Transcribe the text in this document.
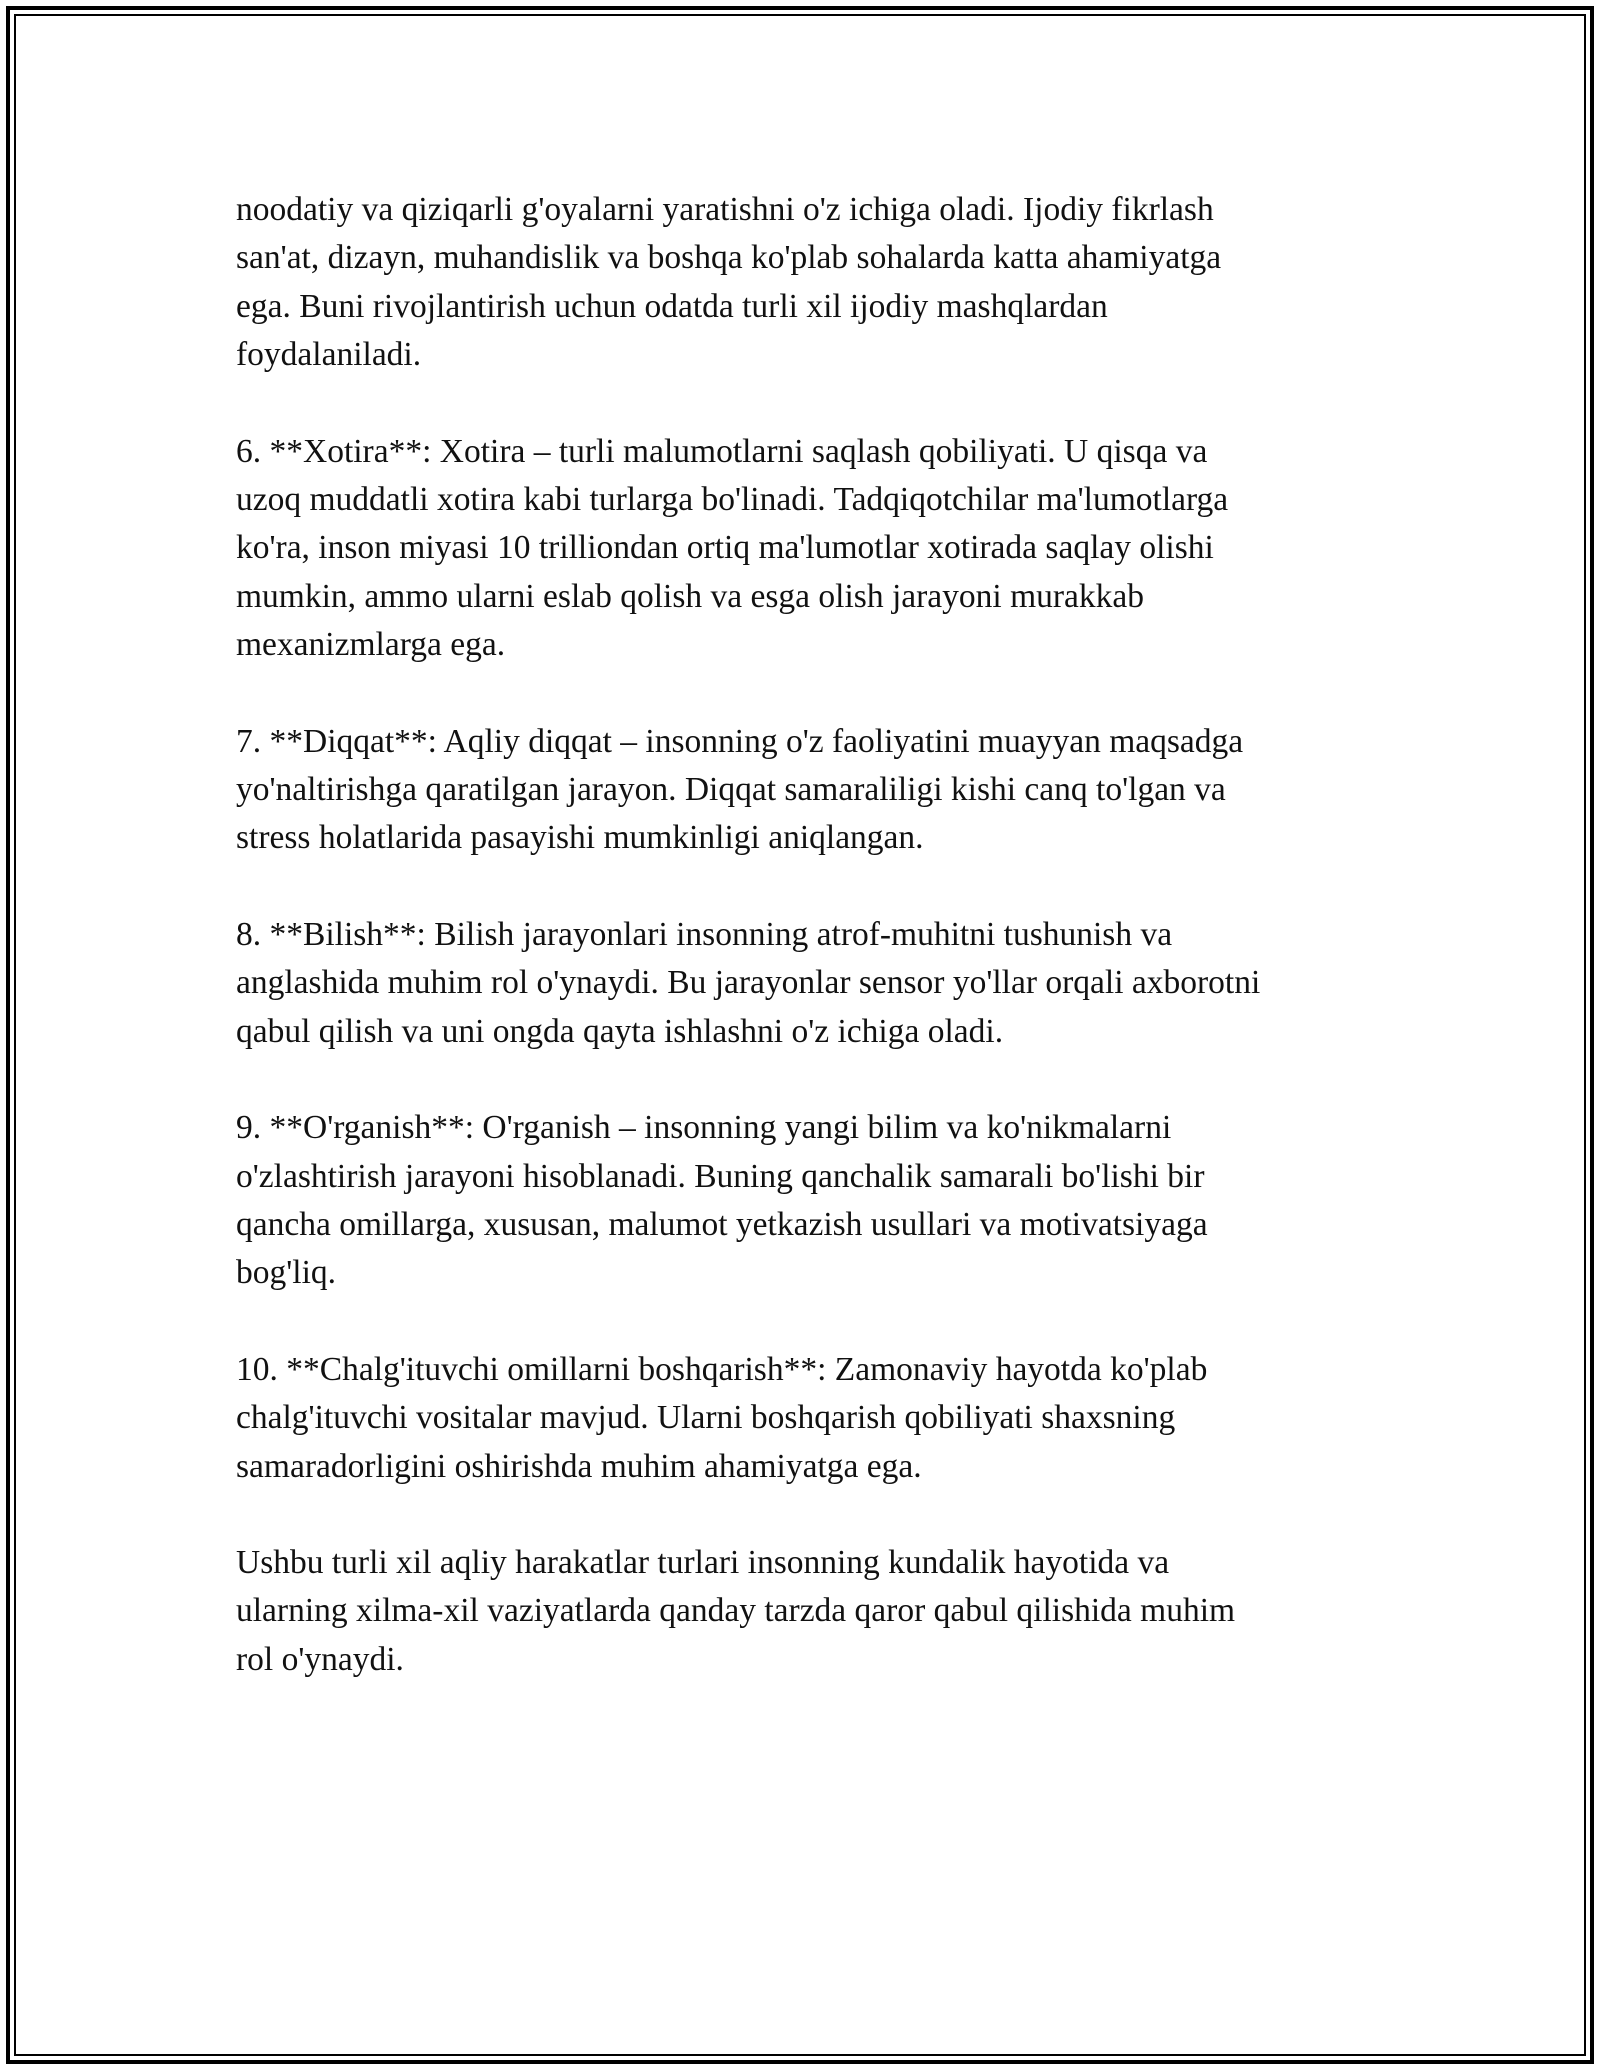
noodatiy va qiziqarli g'oyalarni yaratishni o'z ichiga oladi. Ijodiy fikrlash
san'at, dizayn, muhandislik va boshqa ko'plab sohalarda katta ahamiyatga
ega. Buni rivojlantirish uchun odatda turli xil ijodiy mashqlardan
foydalaniladi.

6. **Xotira**: Xotira – turli malumotlarni saqlash qobiliyati. U qisqa va
uzoq muddatli xotira kabi turlarga bo'linadi. Tadqiqotchilar ma'lumotlarga
ko'ra, inson miyasi 10 trilliondan ortiq ma'lumotlar xotirada saqlay olishi
mumkin, ammo ularni eslab qolish va esga olish jarayoni murakkab
mexanizmlarga ega.

7. **Diqqat**: Aqliy diqqat – insonning o'z faoliyatini muayyan maqsadga
yo'naltirishga qaratilgan jarayon. Diqqat samaraliligi kishi canq to'lgan va
stress holatlarida pasayishi mumkinligi aniqlangan.

8. **Bilish**: Bilish jarayonlari insonning atrof-muhitni tushunish va
anglashida muhim rol o'ynaydi. Bu jarayonlar sensor yo'llar orqali axborotni
qabul qilish va uni ongda qayta ishlashni o'z ichiga oladi.

9. **O'rganish**: O'rganish – insonning yangi bilim va ko'nikmalarni
o'zlashtirish jarayoni hisoblanadi. Buning qanchalik samarali bo'lishi bir
qancha omillarga, xususan, malumot yetkazish usullari va motivatsiyaga
bog'liq.

10. **Chalg'ituvchi omillarni boshqarish**: Zamonaviy hayotda ko'plab
chalg'ituvchi vositalar mavjud. Ularni boshqarish qobiliyati shaxsning
samaradorligini oshirishda muhim ahamiyatga ega.

Ushbu turli xil aqliy harakatlar turlari insonning kundalik hayotida va
ularning xilma-xil vaziyatlarda qanday tarzda qaror qabul qilishida muhim
rol o'ynaydi.
